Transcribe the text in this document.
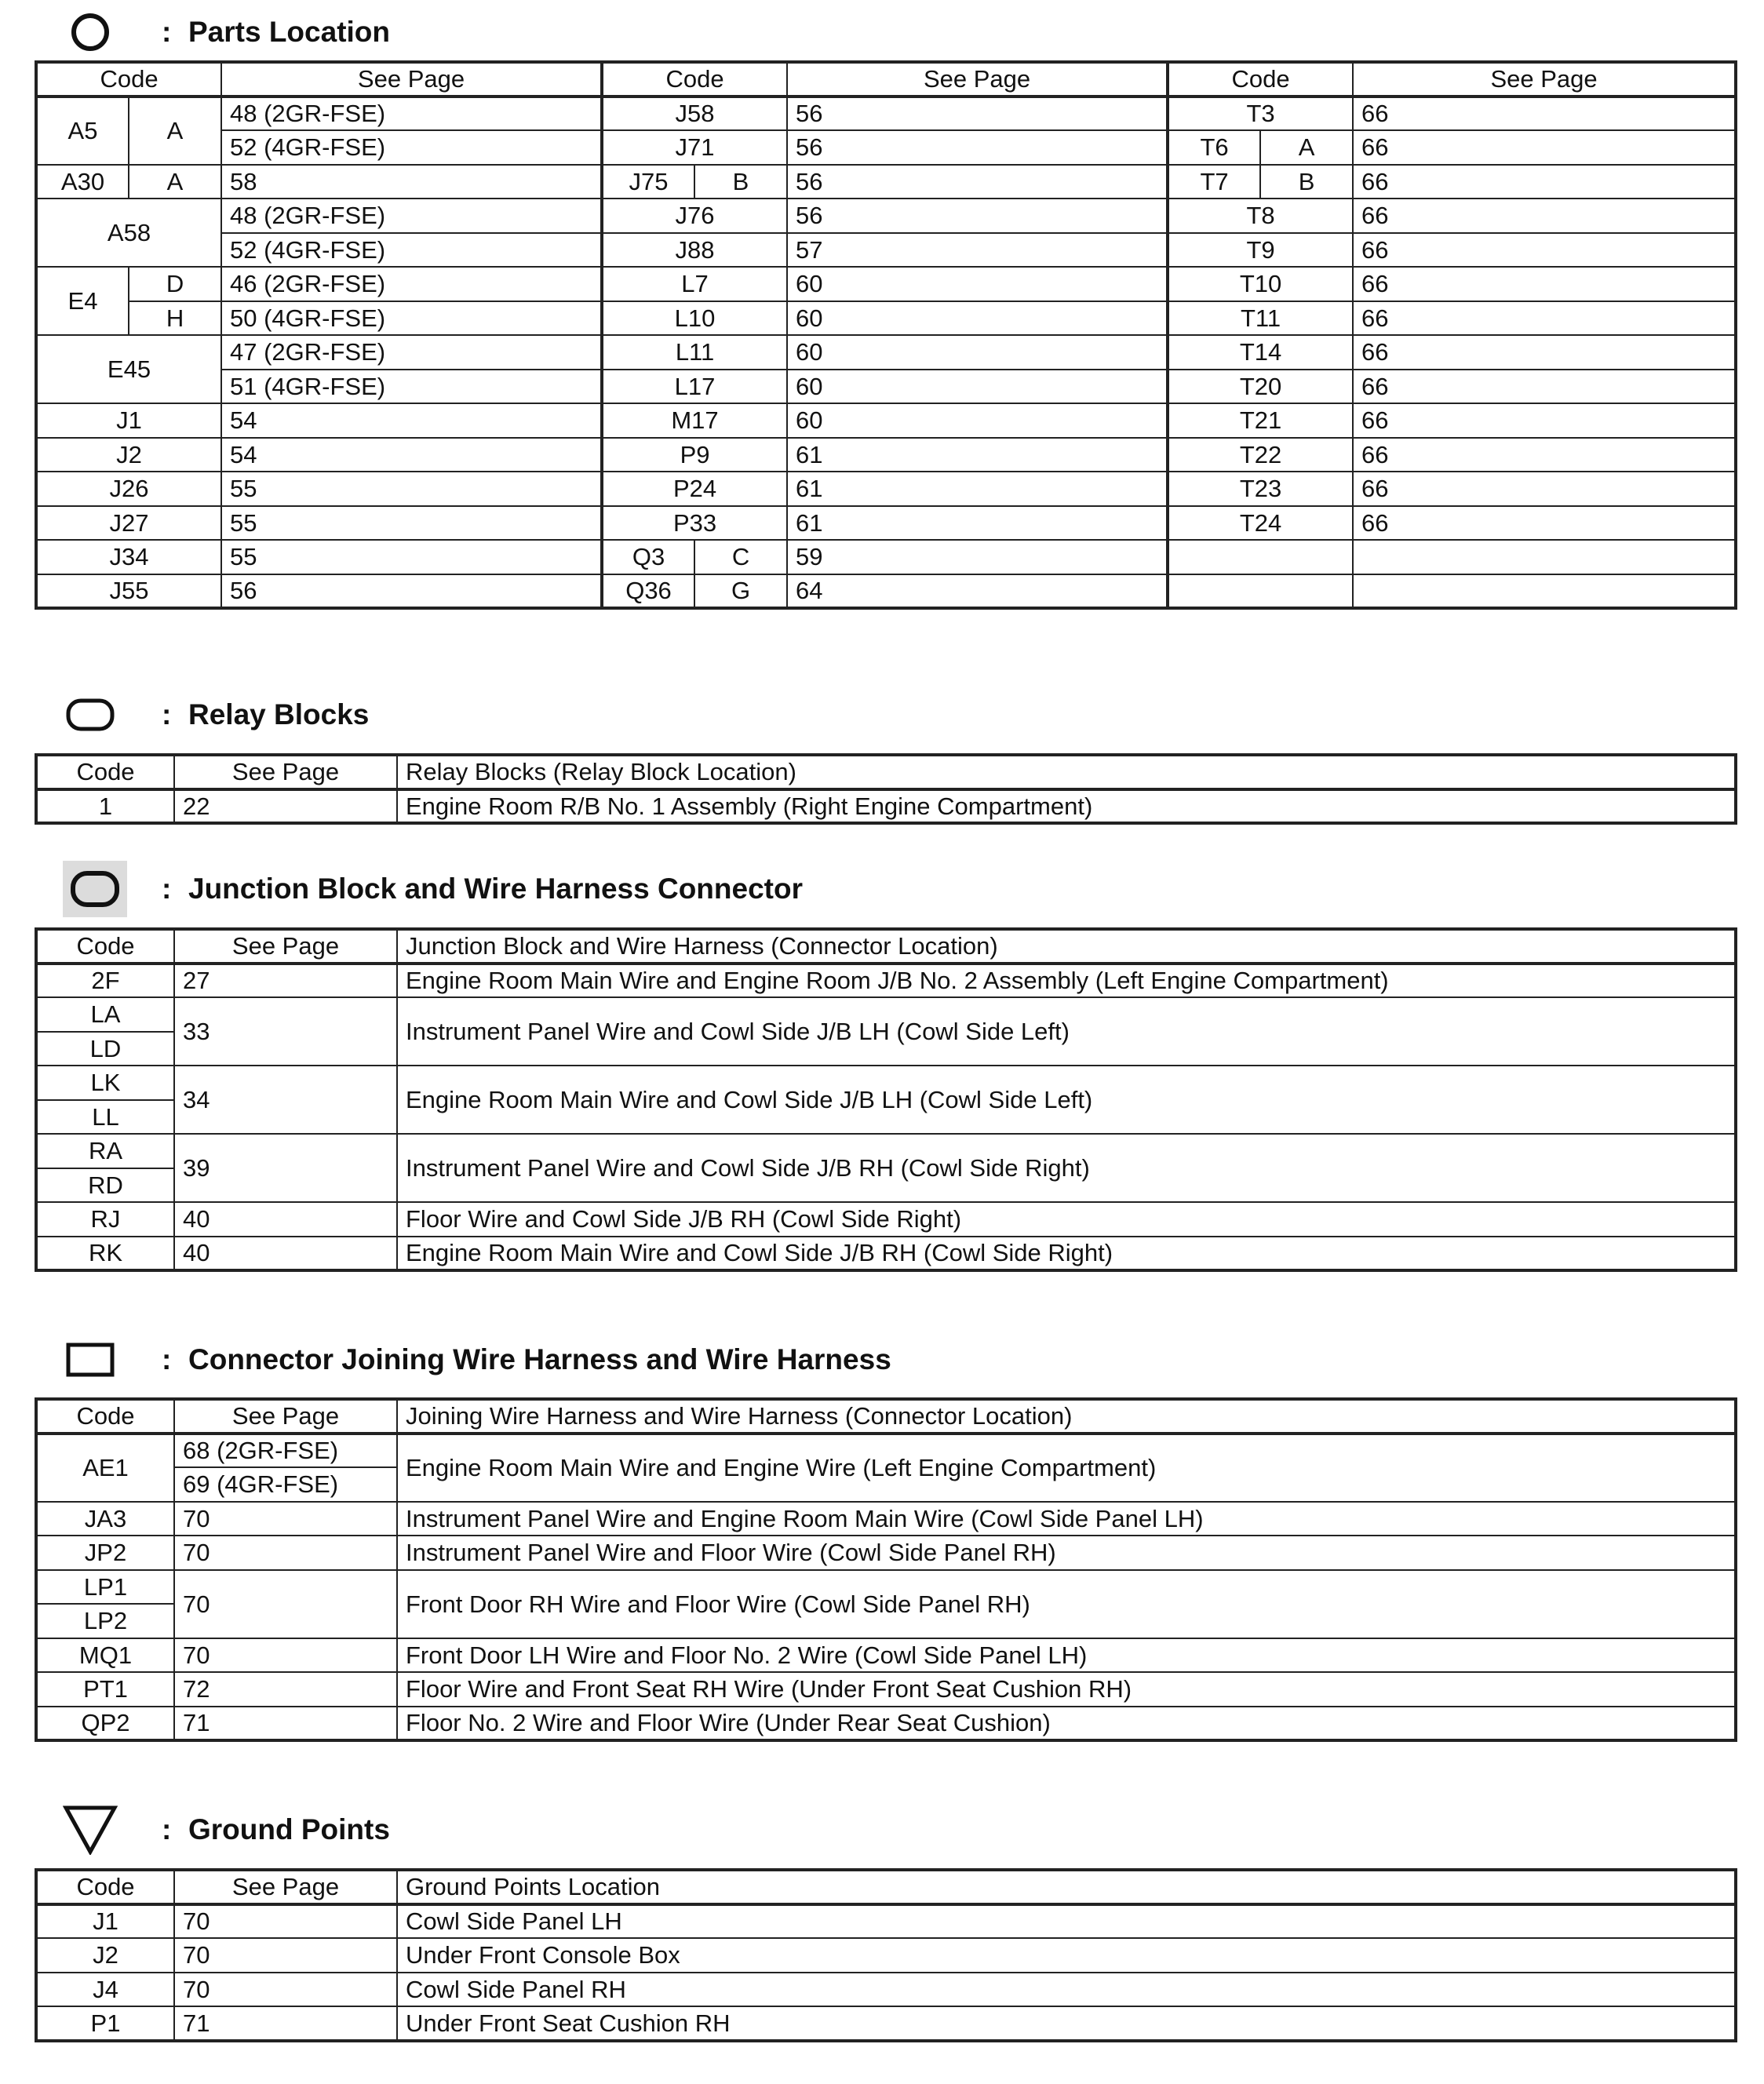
: Parts Location
Code		See Page	Code		See Page	Code		See Page
A5	A	48 (2GR-FSE)	J58		56	T3		66
		52 (4GR-FSE)	J71		56	T6	A	66
A30	A	58	J75	B	56	T7	B	66
A58		48 (2GR-FSE)	J76		56	T8		66
		52 (4GR-FSE)	J88		57	T9		66
E4	D	46 (2GR-FSE)	L7		60	T10		66
	H	50 (4GR-FSE)	L10		60	T11		66
E45		47 (2GR-FSE)	L11		60	T14		66
		51 (4GR-FSE)	L17		60	T20		66
J1		54	M17		60	T21		66
J2		54	P9		61	T22		66
J26		55	P24		61	T23		66
J27		55	P33		61	T24		66
J34		55	Q3	C	59			
J55		56	Q36	G	64			
: Relay Blocks
Code	See Page	Relay Blocks (Relay Block Location)
1	22	Engine Room R/B No. 1 Assembly (Right Engine Compartment)
: Junction Block and Wire Harness Connector
Code	See Page	Junction Block and Wire Harness (Connector Location)
2F	27	Engine Room Main Wire and Engine Room J/B No. 2 Assembly (Left Engine Compartment)
LA	33	Instrument Panel Wire and Cowl Side J/B LH (Cowl Side Left)
LD		
LK	34	Engine Room Main Wire and Cowl Side J/B LH (Cowl Side Left)
LL		
RA	39	Instrument Panel Wire and Cowl Side J/B RH (Cowl Side Right)
RD		
RJ	40	Floor Wire and Cowl Side J/B RH (Cowl Side Right)
RK	40	Engine Room Main Wire and Cowl Side J/B RH (Cowl Side Right)
: Connector Joining Wire Harness and Wire Harness
Code	See Page	Joining Wire Harness and Wire Harness (Connector Location)
AE1	68 (2GR-FSE)	Engine Room Main Wire and Engine Wire (Left Engine Compartment)
	69 (4GR-FSE)	
JA3	70	Instrument Panel Wire and Engine Room Main Wire (Cowl Side Panel LH)
JP2	70	Instrument Panel Wire and Floor Wire (Cowl Side Panel RH)
LP1	70	Front Door RH Wire and Floor Wire (Cowl Side Panel RH)
LP2		
MQ1	70	Front Door LH Wire and Floor No. 2 Wire (Cowl Side Panel LH)
PT1	72	Floor Wire and Front Seat RH Wire (Under Front Seat Cushion RH)
QP2	71	Floor No. 2 Wire and Floor Wire (Under Rear Seat Cushion)
: Ground Points
Code	See Page	Ground Points Location
J1	70	Cowl Side Panel LH
J2	70	Under Front Console Box
J4	70	Cowl Side Panel RH
P1	71	Under Front Seat Cushion RH
